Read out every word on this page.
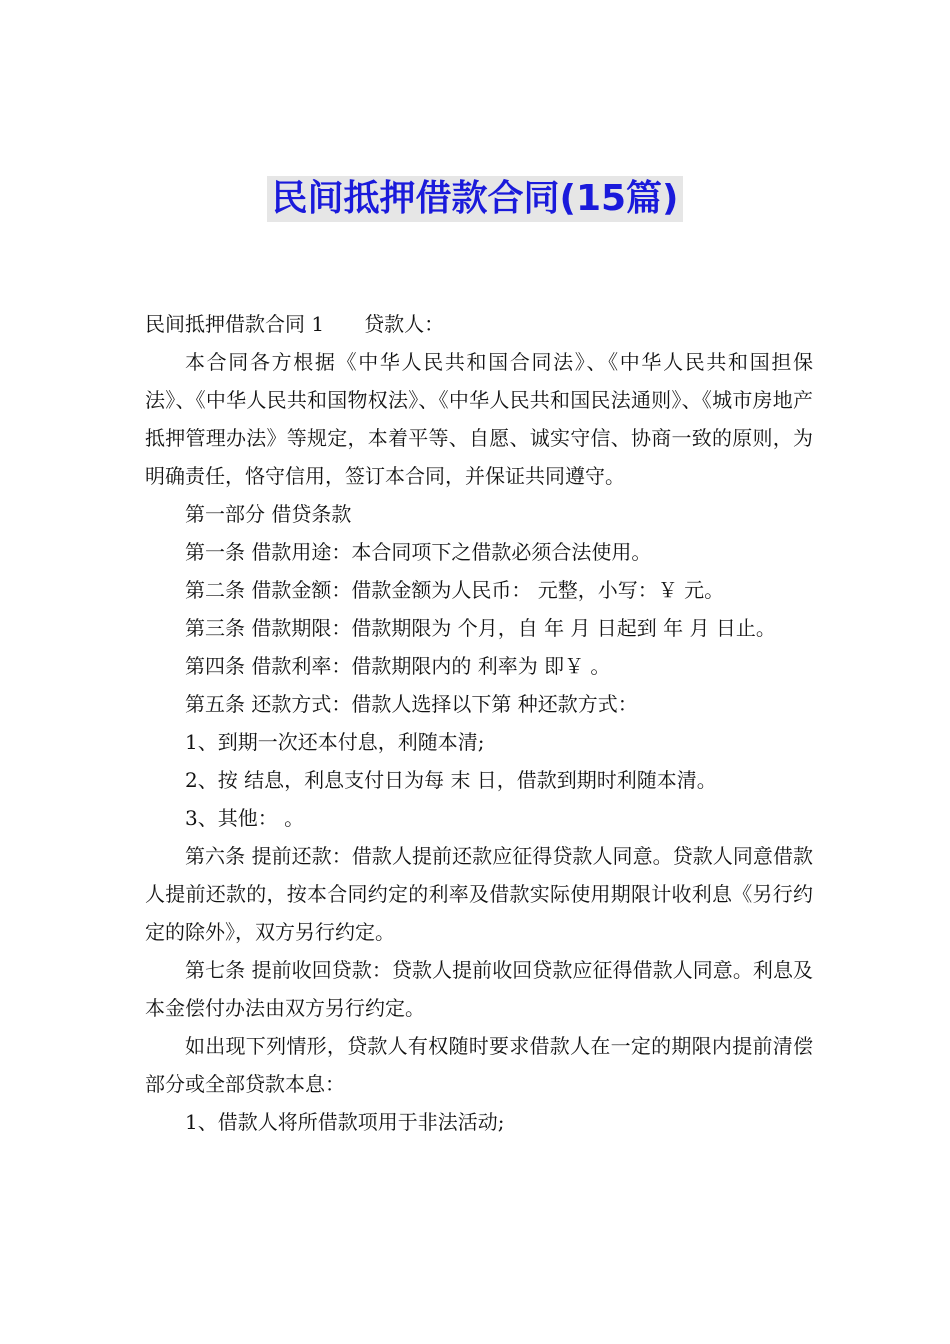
民间抵押借款合同(15篇)

民间抵押借款合同 1 贷款人：

本合同各方根据《中华人民共和国合同法》、《中华人民共和国担保法》、《中华人民共和国物权法》、《中华人民共和国民法通则》、《城市房地产抵押管理办法》等规定，本着平等、自愿、诚实守信、协商一致的原则，为明确责任，恪守信用，签订本合同，并保证共同遵守。

第一部分 借贷条款

第一条 借款用途：本合同项下之借款必须合法使用。

第二条 借款金额：借款金额为人民币： 元整，小写：￥ 元。

第三条 借款期限：借款期限为 个月，自 年 月 日起到 年 月 日止。

第四条 借款利率：借款期限内的 利率为 即￥ 。

第五条 还款方式：借款人选择以下第 种还款方式：

1、到期一次还本付息，利随本清;

2、按 结息，利息支付日为每 末 日，借款到期时利随本清。

3、其他： 。

第六条 提前还款：借款人提前还款应征得贷款人同意。贷款人同意借款人提前还款的，按本合同约定的利率及借款实际使用期限计收利息《另行约定的除外》，双方另行约定。

第七条 提前收回贷款：贷款人提前收回贷款应征得借款人同意。利息及本金偿付办法由双方另行约定。

如出现下列情形，贷款人有权随时要求借款人在一定的期限内提前清偿部分或全部贷款本息：

1、借款人将所借款项用于非法活动;
